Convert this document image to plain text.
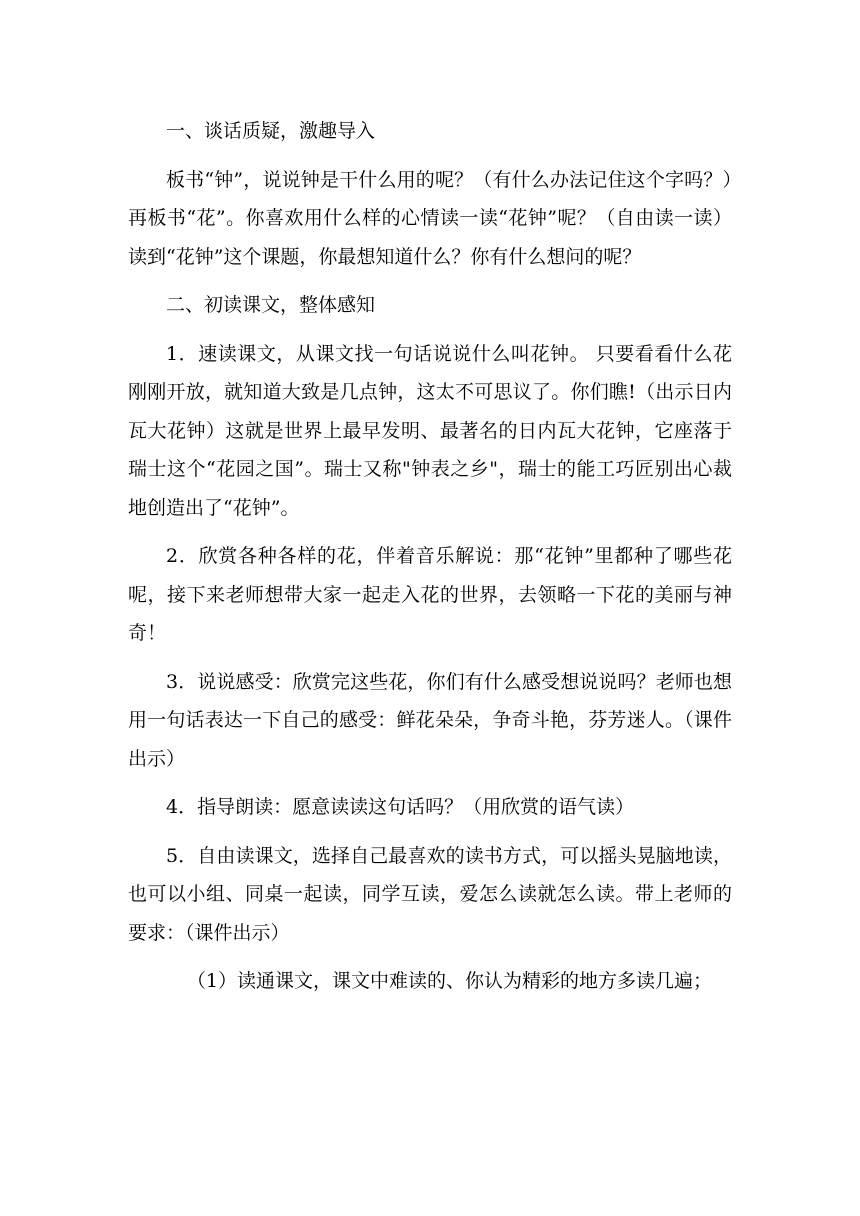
一、谈话质疑，激趣导入

板书“钟”，说说钟是干什么用的呢？（有什么办法记住这个字吗？）再板书“花”。你喜欢用什么样的心情读一读“花钟”呢？（自由读一读）读到“花钟”这个课题，你最想知道什么？你有什么想问的呢？

二、初读课文，整体感知

1．速读课文，从课文找一句话说说什么叫花钟。 只要看看什么花刚刚开放，就知道大致是几点钟，这太不可思议了。你们瞧!（出示日内瓦大花钟）这就是世界上最早发明、最著名的日内瓦大花钟，它座落于瑞士这个“花园之国”。瑞士又称"钟表之乡"，瑞士的能工巧匠别出心裁地创造出了“花钟”。

2．欣赏各种各样的花，伴着音乐解说：那“花钟”里都种了哪些花呢，接下来老师想带大家一起走入花的世界，去领略一下花的美丽与神奇！

3．说说感受：欣赏完这些花，你们有什么感受想说说吗？老师也想用一句话表达一下自己的感受：鲜花朵朵，争奇斗艳，芬芳迷人。（课件出示）

4．指导朗读：愿意读读这句话吗？（用欣赏的语气读）

5．自由读课文，选择自己最喜欢的读书方式，可以摇头晃脑地读，也可以小组、同桌一起读，同学互读，爱怎么读就怎么读。带上老师的要求：（课件出示）

（1）读通课文，课文中难读的、你认为精彩的地方多读几遍；
